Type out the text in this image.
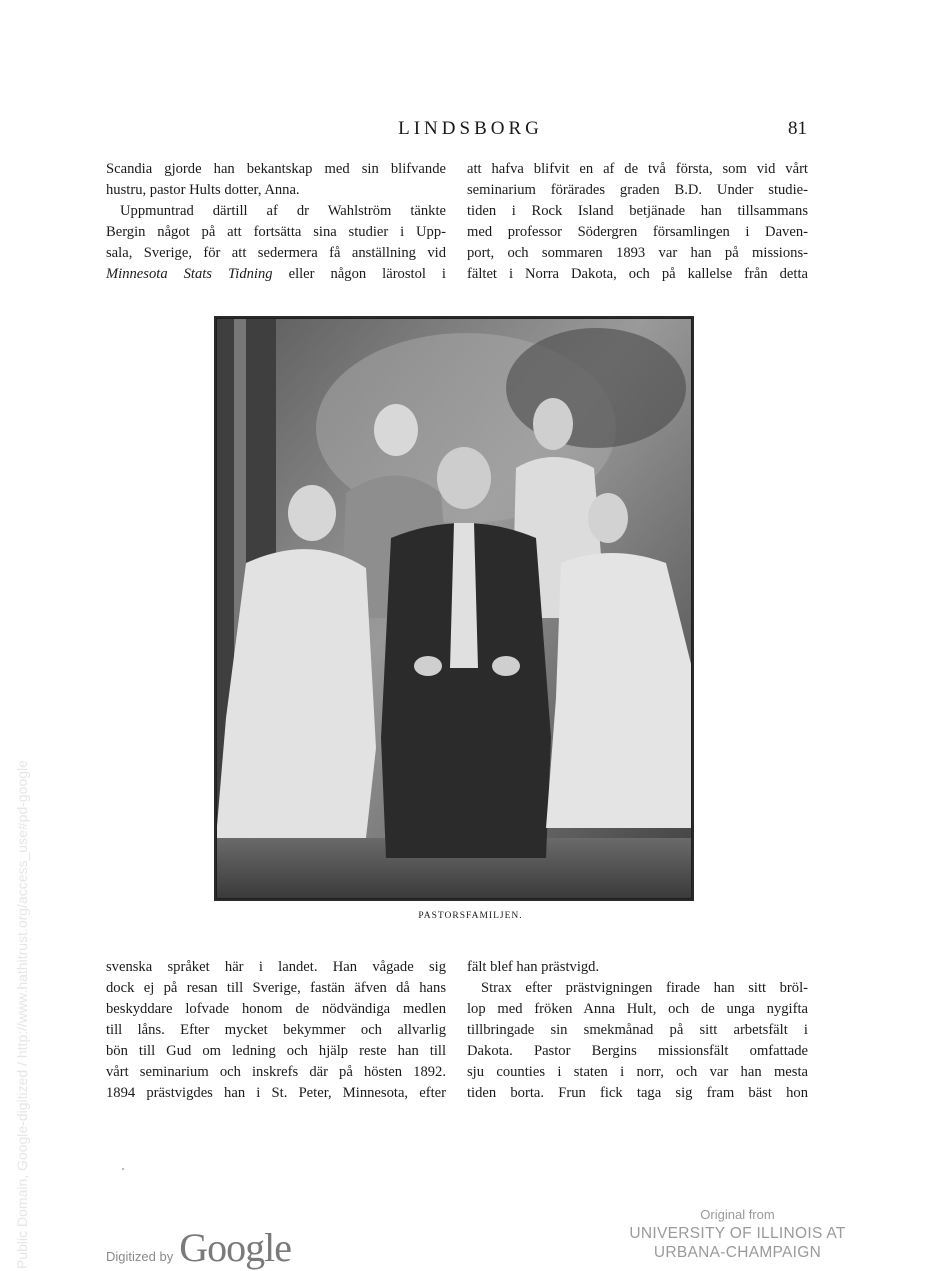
LINDSBORG	81
Scandia gjorde han bekantskap med sin blifvande
hustru, pastor Hults dotter, Anna.
Uppmuntrad därtill af dr Wahlström tänkte
Bergin något på att fortsätta sina studier i Upp-
sala, Sverige, för att sedermera få anställning vid
Minnesota Stats Tidning eller någon lärostol i
att hafva blifvit en af de två första, som vid vårt
seminarium förärades graden B.D. Under studie-
tiden i Rock Island betjänade han tillsammans
med professor Södergren församlingen i Daven-
port, och sommaren 1893 var han på missions-
fältet i Norra Dakota, och på kallelse från detta
PASTORSFAMILJEN.
svenska språket här i landet. Han vågade sig
dock ej på resan till Sverige, fastän äfven då hans
beskyddare lofvade honom de nödvändiga medlen
till låns. Efter mycket bekymmer och allvarlig
bön till Gud om ledning och hjälp reste han till
vårt seminarium och inskrefs där på hösten 1892.
1894 prästvigdes han i St. Peter, Minnesota, efter
fält blef han prästvigd.
Strax efter prästvigningen firade han sitt bröl-
lop med fröken Anna Hult, och de unga nygifta
tillbringade sin smekmånad på sitt arbetsfält i
Dakota. Pastor Bergins missionsfält omfattade
sju counties i staten i norr, och var han mesta
tiden borta. Frun fick taga sig fram bäst hon
Digitized by Google
Original from
UNIVERSITY OF ILLINOIS AT
URBANA-CHAMPAIGN
Public Domain, Google-digitized / http://www.hathitrust.org/access_use#pd-google
